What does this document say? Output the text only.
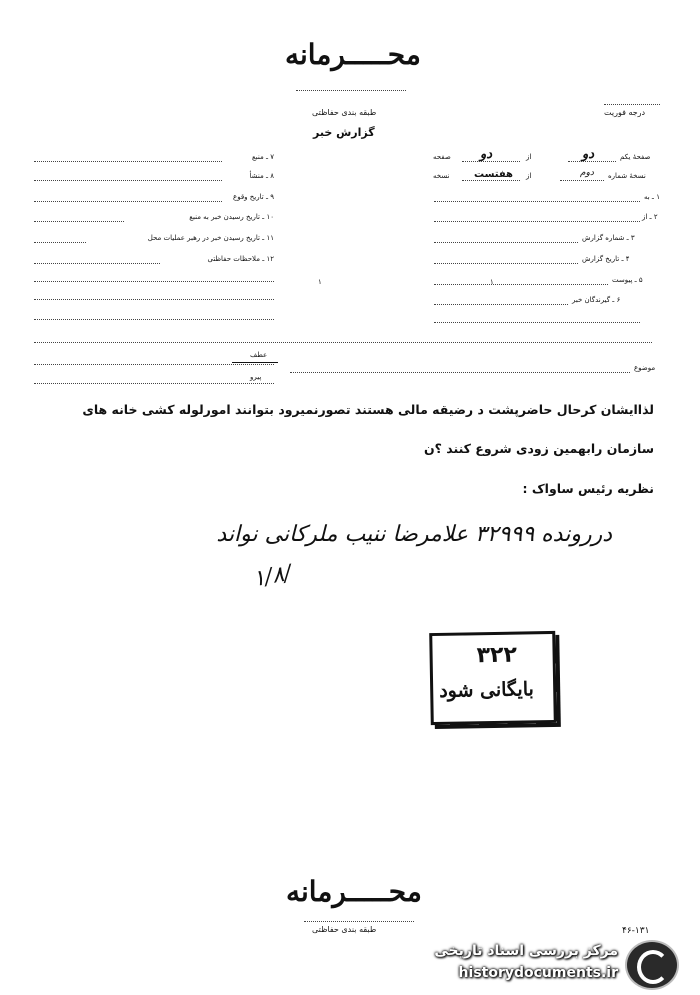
محـــــرمانه
طبقه بندی حفاظتی	درجه فوریت
گزارش خبر
۷ ـ منبع
۸ ـ منشأ
۹ ـ تاریخ وقوع
۱۰ ـ تاریخ رسیدن خبر به منبع
۱۱ ـ تاریخ رسیدن خبر در رهبر عملیات محل
۱۲ ـ ملاحظات حفاظتی
۱
صفحهٔ یکم
دو
از
دو
صفحه
نسخهٔ شماره
دوم
از
هفتست
نسخه
۱ ـ به
۲ ـ از
۳ ـ شماره گزارش
۴ ـ تاریخ گزارش
۵ ـ پیوست
۱
۶ ـ گیرندگان خبر
عطف
پیرو
موضوع
لذاایشان کرحال حاضرپشت د رضیقه مالی هستند تصورنمیرود بتوانند امورلوله کشی خانه های
سازمان رابهمین زودی شروع کنند ؟ن
نظریه رئیس ساواک :
دررونده ۳۲۹۹۹ علامرضا ننیب ملرکانی نواند
۱/۸/
۳۲۲
بایگانی شود
محـــــرمانه
طبقه بندی حفاظتی	۴۶-۱۳۱
مرکز بررسی اسناد تاریخی
historydocuments.ir
